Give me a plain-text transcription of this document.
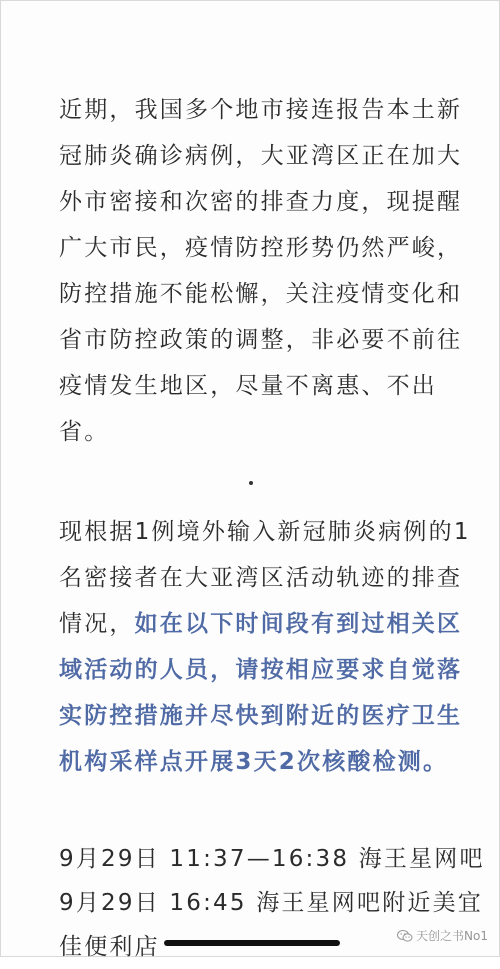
近期，我国多个地市接连报告本土新

冠肺炎确诊病例，大亚湾区正在加大

外市密接和次密的排查力度，现提醒

广大市民，疫情防控形势仍然严峻，

防控措施不能松懈，关注疫情变化和

省市防控政策的调整，非必要不前往

疫情发生地区，尽量不离惠、不出

省。

现根据1例境外输入新冠肺炎病例的1

名密接者在大亚湾区活动轨迹的排查

情况，如在以下时间段有到过相关区

域活动的人员，请按相应要求自觉落

实防控措施并尽快到附近的医疗卫生

机构采样点开展3天2次核酸检测。

9月29日 11:37—16:38 海王星网吧

9月29日 16:45 海王星网吧附近美宜

佳便利店	天创之书No1
